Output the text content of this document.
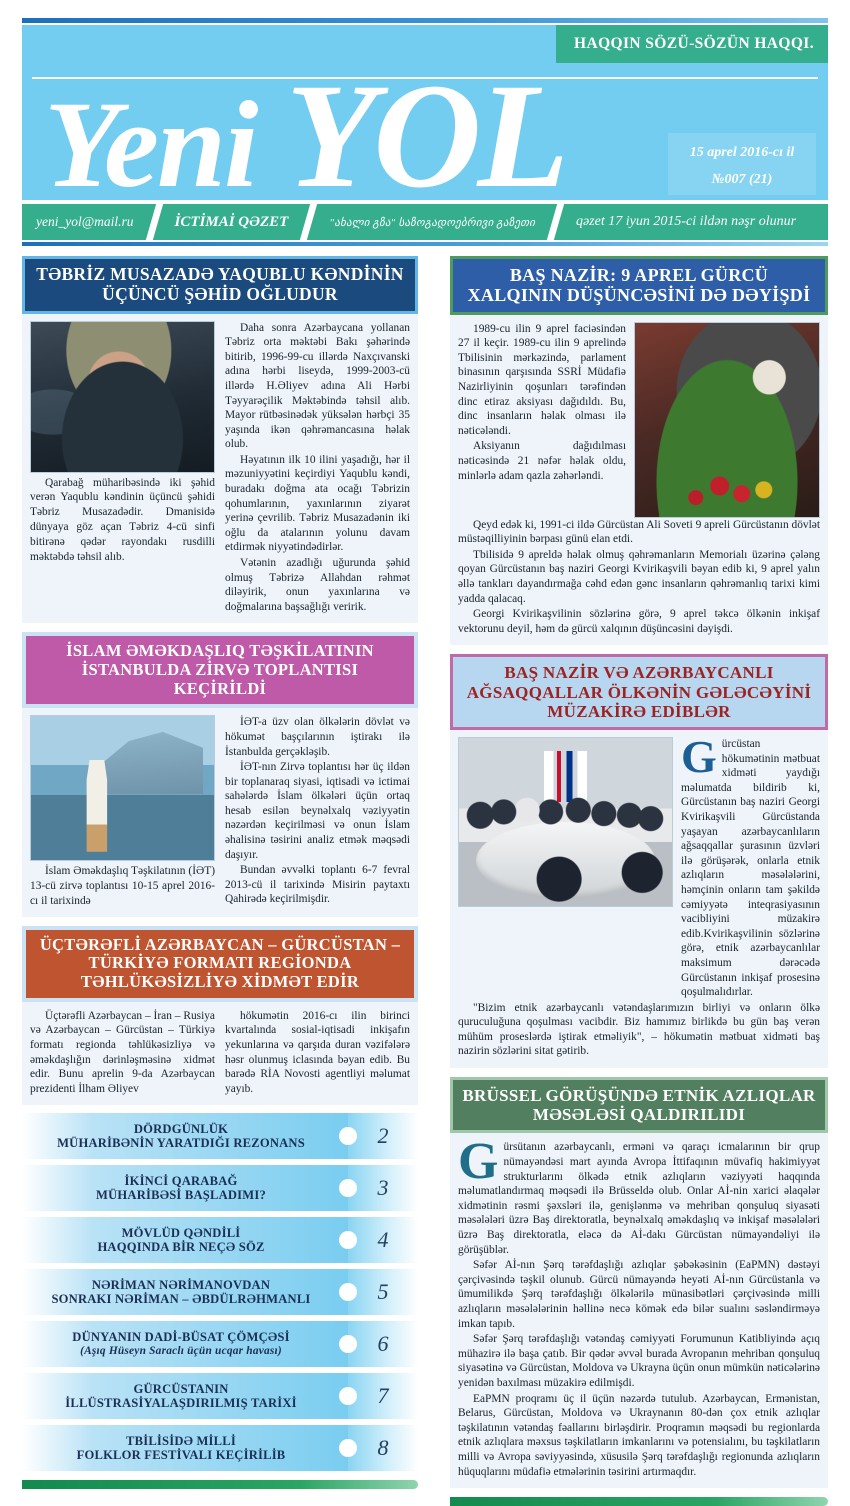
HAQQIN SÖZÜ-SÖZÜN HAQQI.
Yeni YOL	15 aprel 2016-cı il
№007 (21)
yeni_yol@mail.ru	İCTİMAİ QƏZET	"ახალი გზა" საზოგადოებრივი გაზეთი	qəzet 17 iyun 2015-ci ildən nəşr olunur
TƏBRİZ MUSAZADƏ YAQUBLU KƏNDİNİN ÜÇÜNCÜ ŞƏHİD OĞLUDUR

Qarabağ müharibəsində iki şəhid verən Yaqublu kəndinin üçüncü şəhidi Təbriz Musazadədir. Dmanisidə dünyaya göz açan Təbriz 4-cü sinfi bitirənə qədər rayondakı rusdilli məktəbdə təhsil alıb.

Daha sonra Azərbaycana yollanan Təbriz orta məktəbi Bakı şəhərində bitirib, 1996-99-cu illərdə Naxçıvanski adına hərbi liseydə, 1999-2003-cü illərdə H.Əliyev adına Ali Hərbi Təyyarəçilik Məktəbində təhsil alıb. Mayor rütbəsinədək yüksələn hərbçi 35 yaşında ikən qəhrəmancasına həlak olub.

Həyatının ilk 10 ilini yaşadığı, hər il məzuniyyətini keçirdiyi Yaqublu kəndi, buradakı doğma ata ocağı Təbrizin qohumlarının, yaxınlarının ziyarət yerinə çevrilib. Təbriz Musazadənin iki oğlu da atalarının yolunu davam etdirmək niyyətindədirlər.

Vətənin azadlığı uğurunda şəhid olmuş Təbrizə Allahdan rəhmət diləyirik, onun yaxınlarına və doğmalarına başsağlığı veririk.

İSLAM ƏMƏKDAŞLIQ TƏŞKİLATININ İSTANBULDA ZİRVƏ TOPLANTISI KEÇİRİLDİ

İslam Əməkdaşlıq Təşkilatının (İƏT) 13-cü zirvə toplantısı 10-15 aprel 2016-cı il tarixində

İƏT-a üzv olan ölkələrin dövlət və hökumət başçılarının iştirakı ilə İstanbulda gerçəkləşib.

İƏT-nın Zirvə toplantısı hər üç ildən bir toplanaraq siyasi, iqtisadi və ictimai sahələrdə İslam ölkələri üçün ortaq hesab esilən beynəlxalq vəziyyətin nəzərdən keçirilməsi və onun İslam əhalisinə təsirini analiz etmək məqsədi daşıyır.

Bundan əvvəlki toplantı 6-7 fevral 2013-cü il tarixində Misirin paytaxtı Qahirədə keçirilmişdir.

ÜÇTƏRƏFLİ AZƏRBAYCAN – GÜRCÜSTAN – TÜRKİYƏ FORMATI REGİONDA TƏHLÜKƏSİZLİYƏ XİDMƏT EDİR

Üçtərəfli Azərbaycan – İran – Rusiya və Azərbaycan – Gürcüstan – Türkiyə formatı regionda təhlükəsizliyə və əməkdaşlığın dərinləşməsinə xidmət edir. Bunu aprelin 9-da Azərbaycan prezidenti İlham Əliyev

hökumətin 2016-cı ilin birinci kvartalında sosial-iqtisadi inkişafın yekunlarına və qarşıda duran vəzifələrə həsr olunmuş iclasında bəyan edib. Bu barədə RİA Novosti agentliyi məlumat yayıb.

DÖRDGÜNLÜK
MÜHARİBƏNİN YARATDIĞI REZONANS	2
İKİNCİ QARABAĞ
MÜHARİBƏSİ BAŞLADIMI?	3
MÖVLÜD QƏNDİLİ
HAQQINDA BİR NEÇƏ SÖZ	4
NƏRİMAN NƏRİMANOVDAN
SONRAKI NƏRİMAN – ƏBDÜLRƏHMANLI	5
DÜNYANIN DADİ-BÜSAT ÇÖMÇƏSİ
(Aşıq Hüseyn Saraclı üçün ucqar havası)	6
GÜRCÜSTANIN
İLLÜSTRASİYALAŞDIRILMIŞ TARİXİ	7
TBİLİSİDƏ MİLLİ
FOLKLOR FESTİVALI KEÇİRİLİB	8
BAŞ NAZİR: 9 APREL GÜRCÜ XALQININ DÜŞÜNCƏSİNİ DƏ DƏYİŞDİ

1989-cu ilin 9 aprel faciəsindən 27 il keçir. 1989-cu ilin 9 aprelində Tbilisinin mərkəzində, parlament binasının qarşısında SSRİ Müdafiə Nazirliyinin qoşunları tərəfindən dinc etiraz aksiyası dağıdıldı. Bu, dinc insanların həlak olması ilə nəticələndi.

Aksiyanın dağıdılması nəticəsində 21 nəfər həlak oldu, minlərlə adam qazla zəhərləndi.

Qeyd edək ki, 1991-ci ildə Gürcüstan Ali Soveti 9 apreli Gürcüstanın dövlət müstəqilliyinin bərpası günü elan etdi.

Tbilisidə 9 apreldə həlak olmuş qəhrəmanların Memorialı üzərinə çələng qoyan Gürcüstanın baş naziri Georgi Kvirikaşvili bəyan edib ki, 9 aprel yalın əllə tankları dayandırmağa cəhd edən gənc insanların qəhrəmanlıq tarixi kimi yadda qalacaq.

Georgi Kvirikaşvilinin sözlərinə görə, 9 aprel təkcə ölkənin inkişaf vektorunu deyil, həm də gürcü xalqının düşüncəsini dəyişdi.

BAŞ NAZİR VƏ AZƏRBAYCANLI AĞSAQQALLAR ÖLKƏNİN GƏLƏCƏYİNİ MÜZAKİRƏ EDİBLƏR
G ürcüstan hökumətinin mətbuat xidməti yaydığı məlumatda bildirib ki, Gürcüstanın baş naziri Georgi Kvirikaşvili Gürcüstanda yaşayan azərbaycanlıların ağsaqqallar şurasının üzvləri ilə görüşərək, onlarla etnik azlıqların məsələlərini, həmçinin onların tam şəkildə cəmiyyətə inteqrasiyasının vacibliyini müzakirə edib.Kvirikaşvilinin sözlərinə görə, etnik azərbaycanlılar maksimum dərəcədə Gürcüstanın inkişaf prosesinə qoşulmalıdırlar.

"Bizim etnik azərbaycanlı vətəndaşlarımızın birliyi və onların ölkə quruculuğuna qoşulması vacibdir. Biz hamımız birlikdə bu gün baş verən mühüm proseslərdə iştirak etməliyik", – hökumətin mətbuat xidməti baş nazirin sözlərini sitat gətirib.

BRÜSSEL GÖRÜŞÜNDƏ ETNİK AZLIQLAR MƏSƏLƏSİ QALDIRILIDI
G ürsütanın azərbaycanlı, erməni və qaraçı icmalarının bir qrup nümayəndəsi mart ayında Avropa İttifaqının müvafiq hakimiyyət strukturlarını ölkədə etnik azlıqların vəziyyəti haqqında məlumatlandırmaq məqsədi ilə Brüsseldə olub. Onlar Aİ-nin xarici əlaqələr xidmətinin rəsmi şəxsləri ilə, genişlənmə və mehriban qonşuluq siyasəti məsələləri üzrə Baş direktoratla, beynəlxalq əməkdaşlıq və inkişaf məsələləri üzrə Baş direktoratla, eləcə də Aİ-dakı Gürcüstan nümayəndəliyi ilə görüşüblər.

Səfər Aİ-nın Şərq tərəfdaşlığı azlıqlar şəbəkəsinin (EaPMN) dəstəyi çərçivəsində təşkil olunub. Gürcü nümayəndə heyəti Aİ-nın Gürcüstanla və ümumilikdə Şərq tərəfdaşlığı ölkələrilə münasibətləri çərçivəsində milli azlıqların məsələlərinin həllinə necə kömək edə bilər sualını səsləndirməyə imkan tapıb.

Səfər Şərq tərəfdaşlığı vətəndaş cəmiyyəti Forumunun Katibliyində açıq mühazirə ilə başa çatıb. Bir qədər əvvəl burada Avropanın mehriban qonşuluq siyasətinə və Gürcüstan, Moldova və Ukrayna üçün onun mümkün nəticələrinə yenidən baxılması müzakirə edilmişdi.

EaPMN proqramı üç il üçün nəzərdə tutulub. Azərbaycan, Ermənistan, Belarus, Gürcüstan, Moldova və Ukraynanın 80-dən çox etnik azlıqlar təşkilatının vətəndaş fəallarını birləşdirir. Proqramın məqsədi bu regionlarda etnik azlıqlara məxsus təşkilatların imkanlarını və potensialını, bu təşkilatların milli və Avropa səviyyəsində, xüsusilə Şərq tərəfdaşlığı regionunda azlıqların hüquqlarını müdafiə etmələrinin təsirini artırmaqdır.
